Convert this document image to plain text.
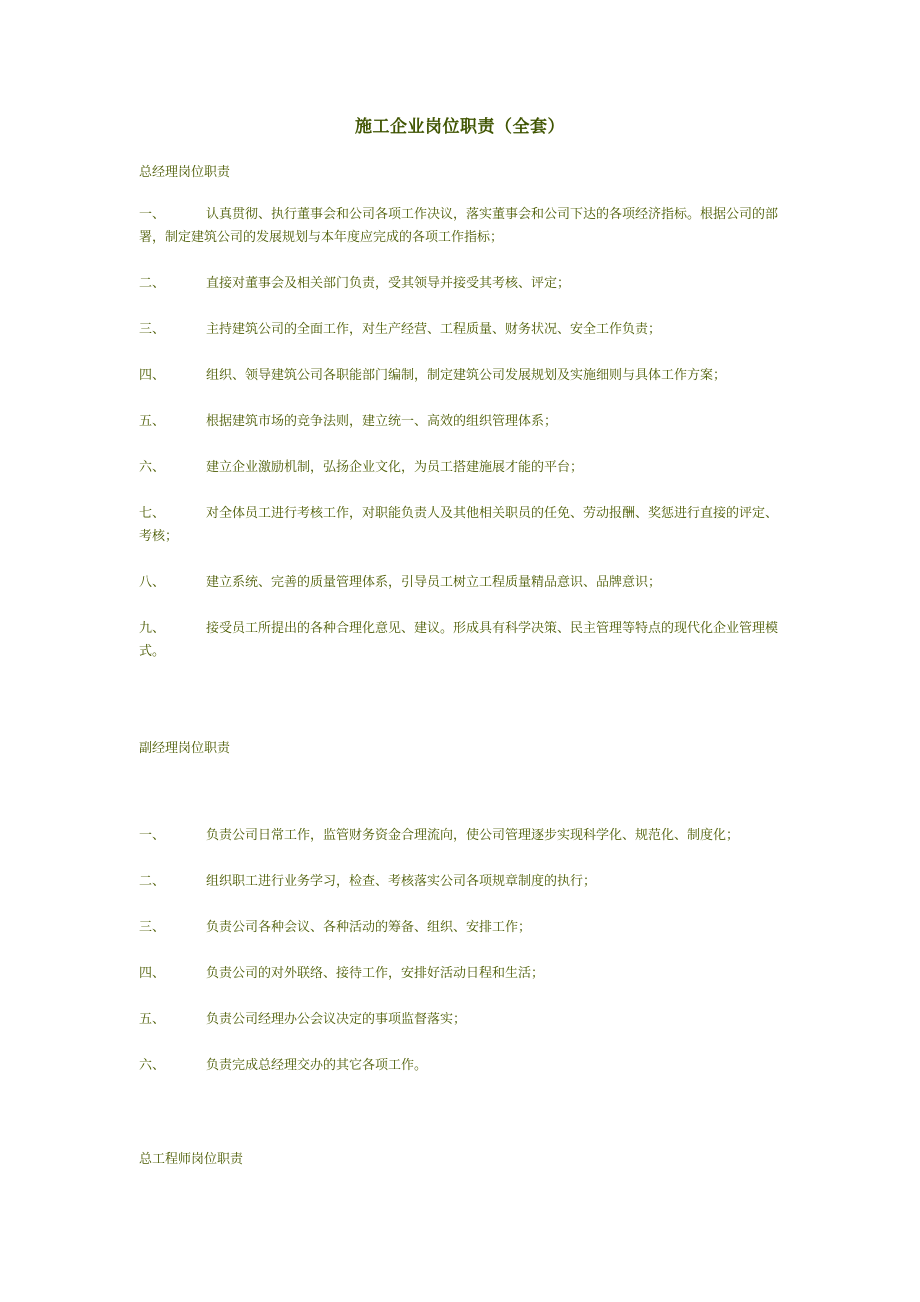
施工企业岗位职责（全套）
总经理岗位职责
一、	认真贯彻、执行董事会和公司各项工作决议，落实董事会和公司下达的各项经济指标。根据公司的部署，制定建筑公司的发展规划与本年度应完成的各项工作指标；
二、	直接对董事会及相关部门负责，受其领导并接受其考核、评定；
三、	主持建筑公司的全面工作，对生产经营、工程质量、财务状况、安全工作负责；
四、	组织、领导建筑公司各职能部门编制，制定建筑公司发展规划及实施细则与具体工作方案；
五、	根据建筑市场的竞争法则，建立统一、高效的组织管理体系；
六、	建立企业激励机制，弘扬企业文化，为员工搭建施展才能的平台；
七、	对全体员工进行考核工作，对职能负责人及其他相关职员的任免、劳动报酬、奖惩进行直接的评定、考核；
八、	建立系统、完善的质量管理体系，引导员工树立工程质量精品意识、品牌意识；
九、	接受员工所提出的各种合理化意见、建议。形成具有科学决策、民主管理等特点的现代化企业管理模式。
副经理岗位职责
一、	负责公司日常工作，监管财务资金合理流向，使公司管理逐步实现科学化、规范化、制度化；
二、	组织职工进行业务学习，检查、考核落实公司各项规章制度的执行；
三、	负责公司各种会议、各种活动的筹备、组织、安排工作；
四、	负责公司的对外联络、接待工作，安排好活动日程和生活；
五、	负责公司经理办公会议决定的事项监督落实；
六、	负责完成总经理交办的其它各项工作。
总工程师岗位职责
